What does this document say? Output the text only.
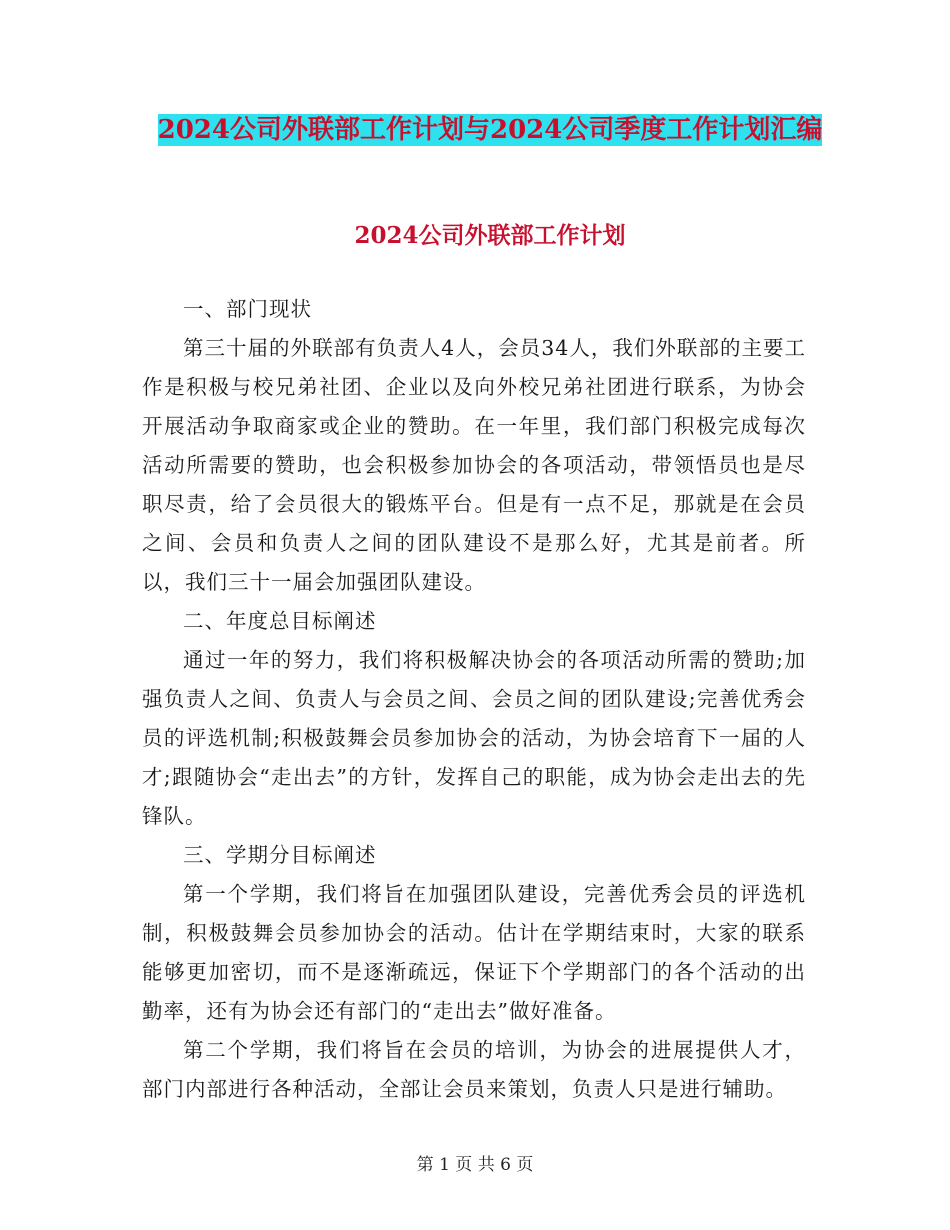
2024公司外联部工作计划与2024公司季度工作计划汇编
2024公司外联部工作计划

一、部门现状

第三十届的外联部有负责人4人，会员34人，我们外联部的主要工作是积极与校兄弟社团、企业以及向外校兄弟社团进行联系，为协会开展活动争取商家或企业的赞助。在一年里，我们部门积极完成每次活动所需要的赞助，也会积极参加协会的各项活动，带领悟员也是尽职尽责，给了会员很大的锻炼平台。但是有一点不足，那就是在会员之间、会员和负责人之间的团队建设不是那么好，尤其是前者。所以，我们三十一届会加强团队建设。

二、年度总目标阐述

通过一年的努力，我们将积极解决协会的各项活动所需的赞助;加强负责人之间、负责人与会员之间、会员之间的团队建设;完善优秀会员的评选机制;积极鼓舞会员参加协会的活动，为协会培育下一届的人才;跟随协会“走出去”的方针，发挥自己的职能，成为协会走出去的先锋队。

三、学期分目标阐述

第一个学期，我们将旨在加强团队建设，完善优秀会员的评选机制，积极鼓舞会员参加协会的活动。估计在学期结束时，大家的联系能够更加密切，而不是逐渐疏远，保证下个学期部门的各个活动的出勤率，还有为协会还有部门的“走出去”做好准备。

第二个学期，我们将旨在会员的培训，为协会的进展提供人才，部门内部进行各种活动，全部让会员来策划，负责人只是进行辅助。

第 1 页 共 6 页
